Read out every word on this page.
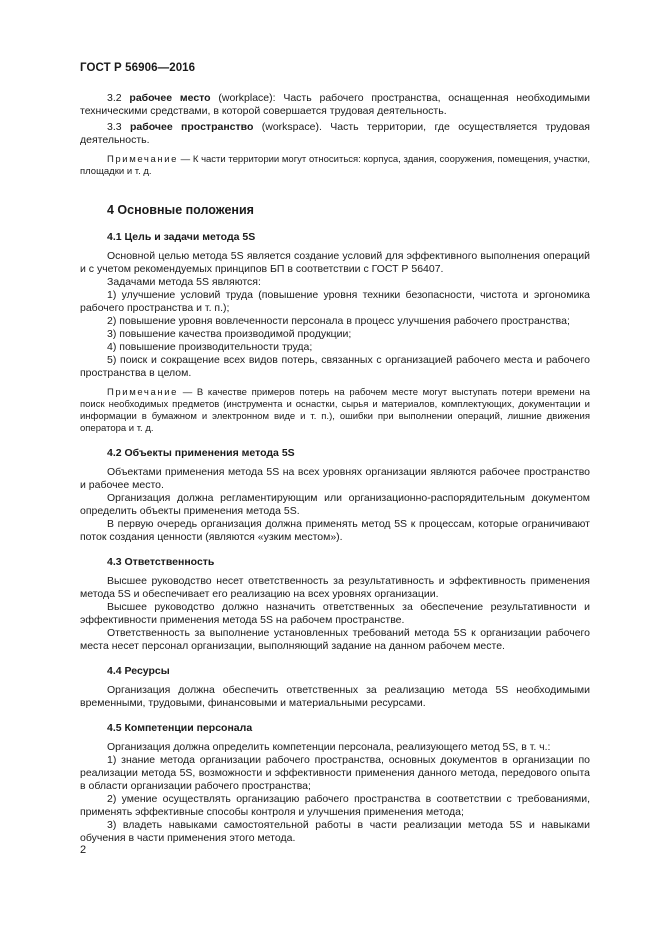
ГОСТ Р 56906—2016

3.2 рабочее место (workplace): Часть рабочего пространства, оснащенная необходимыми техническими средствами, в которой совершается трудовая деятельность.

3.3 рабочее пространство (workspace). Часть территории, где осуществляется трудовая деятельность.

Примечание — К части территории могут относиться: корпуса, здания, сооружения, помещения, участки, площадки и т. д.

4 Основные положения
4.1 Цель и задачи метода 5S

Основной целью метода 5S является создание условий для эффективного выполнения операций и с учетом рекомендуемых принципов БП в соответствии с ГОСТ Р 56407.

Задачами метода 5S являются:

1) улучшение условий труда (повышение уровня техники безопасности, чистота и эргономика рабочего пространства и т. п.);

2) повышение уровня вовлеченности персонала в процесс улучшения рабочего пространства;

3) повышение качества производимой продукции;

4) повышение производительности труда;

5) поиск и сокращение всех видов потерь, связанных с организацией рабочего места и рабочего пространства в целом.

Примечание — В качестве примеров потерь на рабочем месте могут выступать потери времени на поиск необходимых предметов (инструмента и оснастки, сырья и материалов, комплектующих, документации и информации в бумажном и электронном виде и т. п.), ошибки при выполнении операций, лишние движения оператора и т. д.

4.2 Объекты применения метода 5S

Объектами применения метода 5S на всех уровнях организации являются рабочее пространство и рабочее место.

Организация должна регламентирующим или организационно-распорядительным документом определить объекты применения метода 5S.

В первую очередь организация должна применять метод 5S к процессам, которые ограничивают поток создания ценности (являются «узким местом»).

4.3 Ответственность

Высшее руководство несет ответственность за результативность и эффективность применения метода 5S и обеспечивает его реализацию на всех уровнях организации.

Высшее руководство должно назначить ответственных за обеспечение результативности и эффективности применения метода 5S на рабочем пространстве.

Ответственность за выполнение установленных требований метода 5S к организации рабочего места несет персонал организации, выполняющий задание на данном рабочем месте.

4.4 Ресурсы

Организация должна обеспечить ответственных за реализацию метода 5S необходимыми временными, трудовыми, финансовыми и материальными ресурсами.

4.5 Компетенции персонала

Организация должна определить компетенции персонала, реализующего метод 5S, в т. ч.:

1) знание метода организации рабочего пространства, основных документов в организации по реализации метода 5S, возможности и эффективности применения данного метода, передового опыта в области организации рабочего пространства;

2) умение осуществлять организацию рабочего пространства в соответствии с требованиями, применять эффективные способы контроля и улучшения применения метода;

3) владеть навыками самостоятельной работы в части реализации метода 5S и навыками обучения в части применения этого метода.

2
